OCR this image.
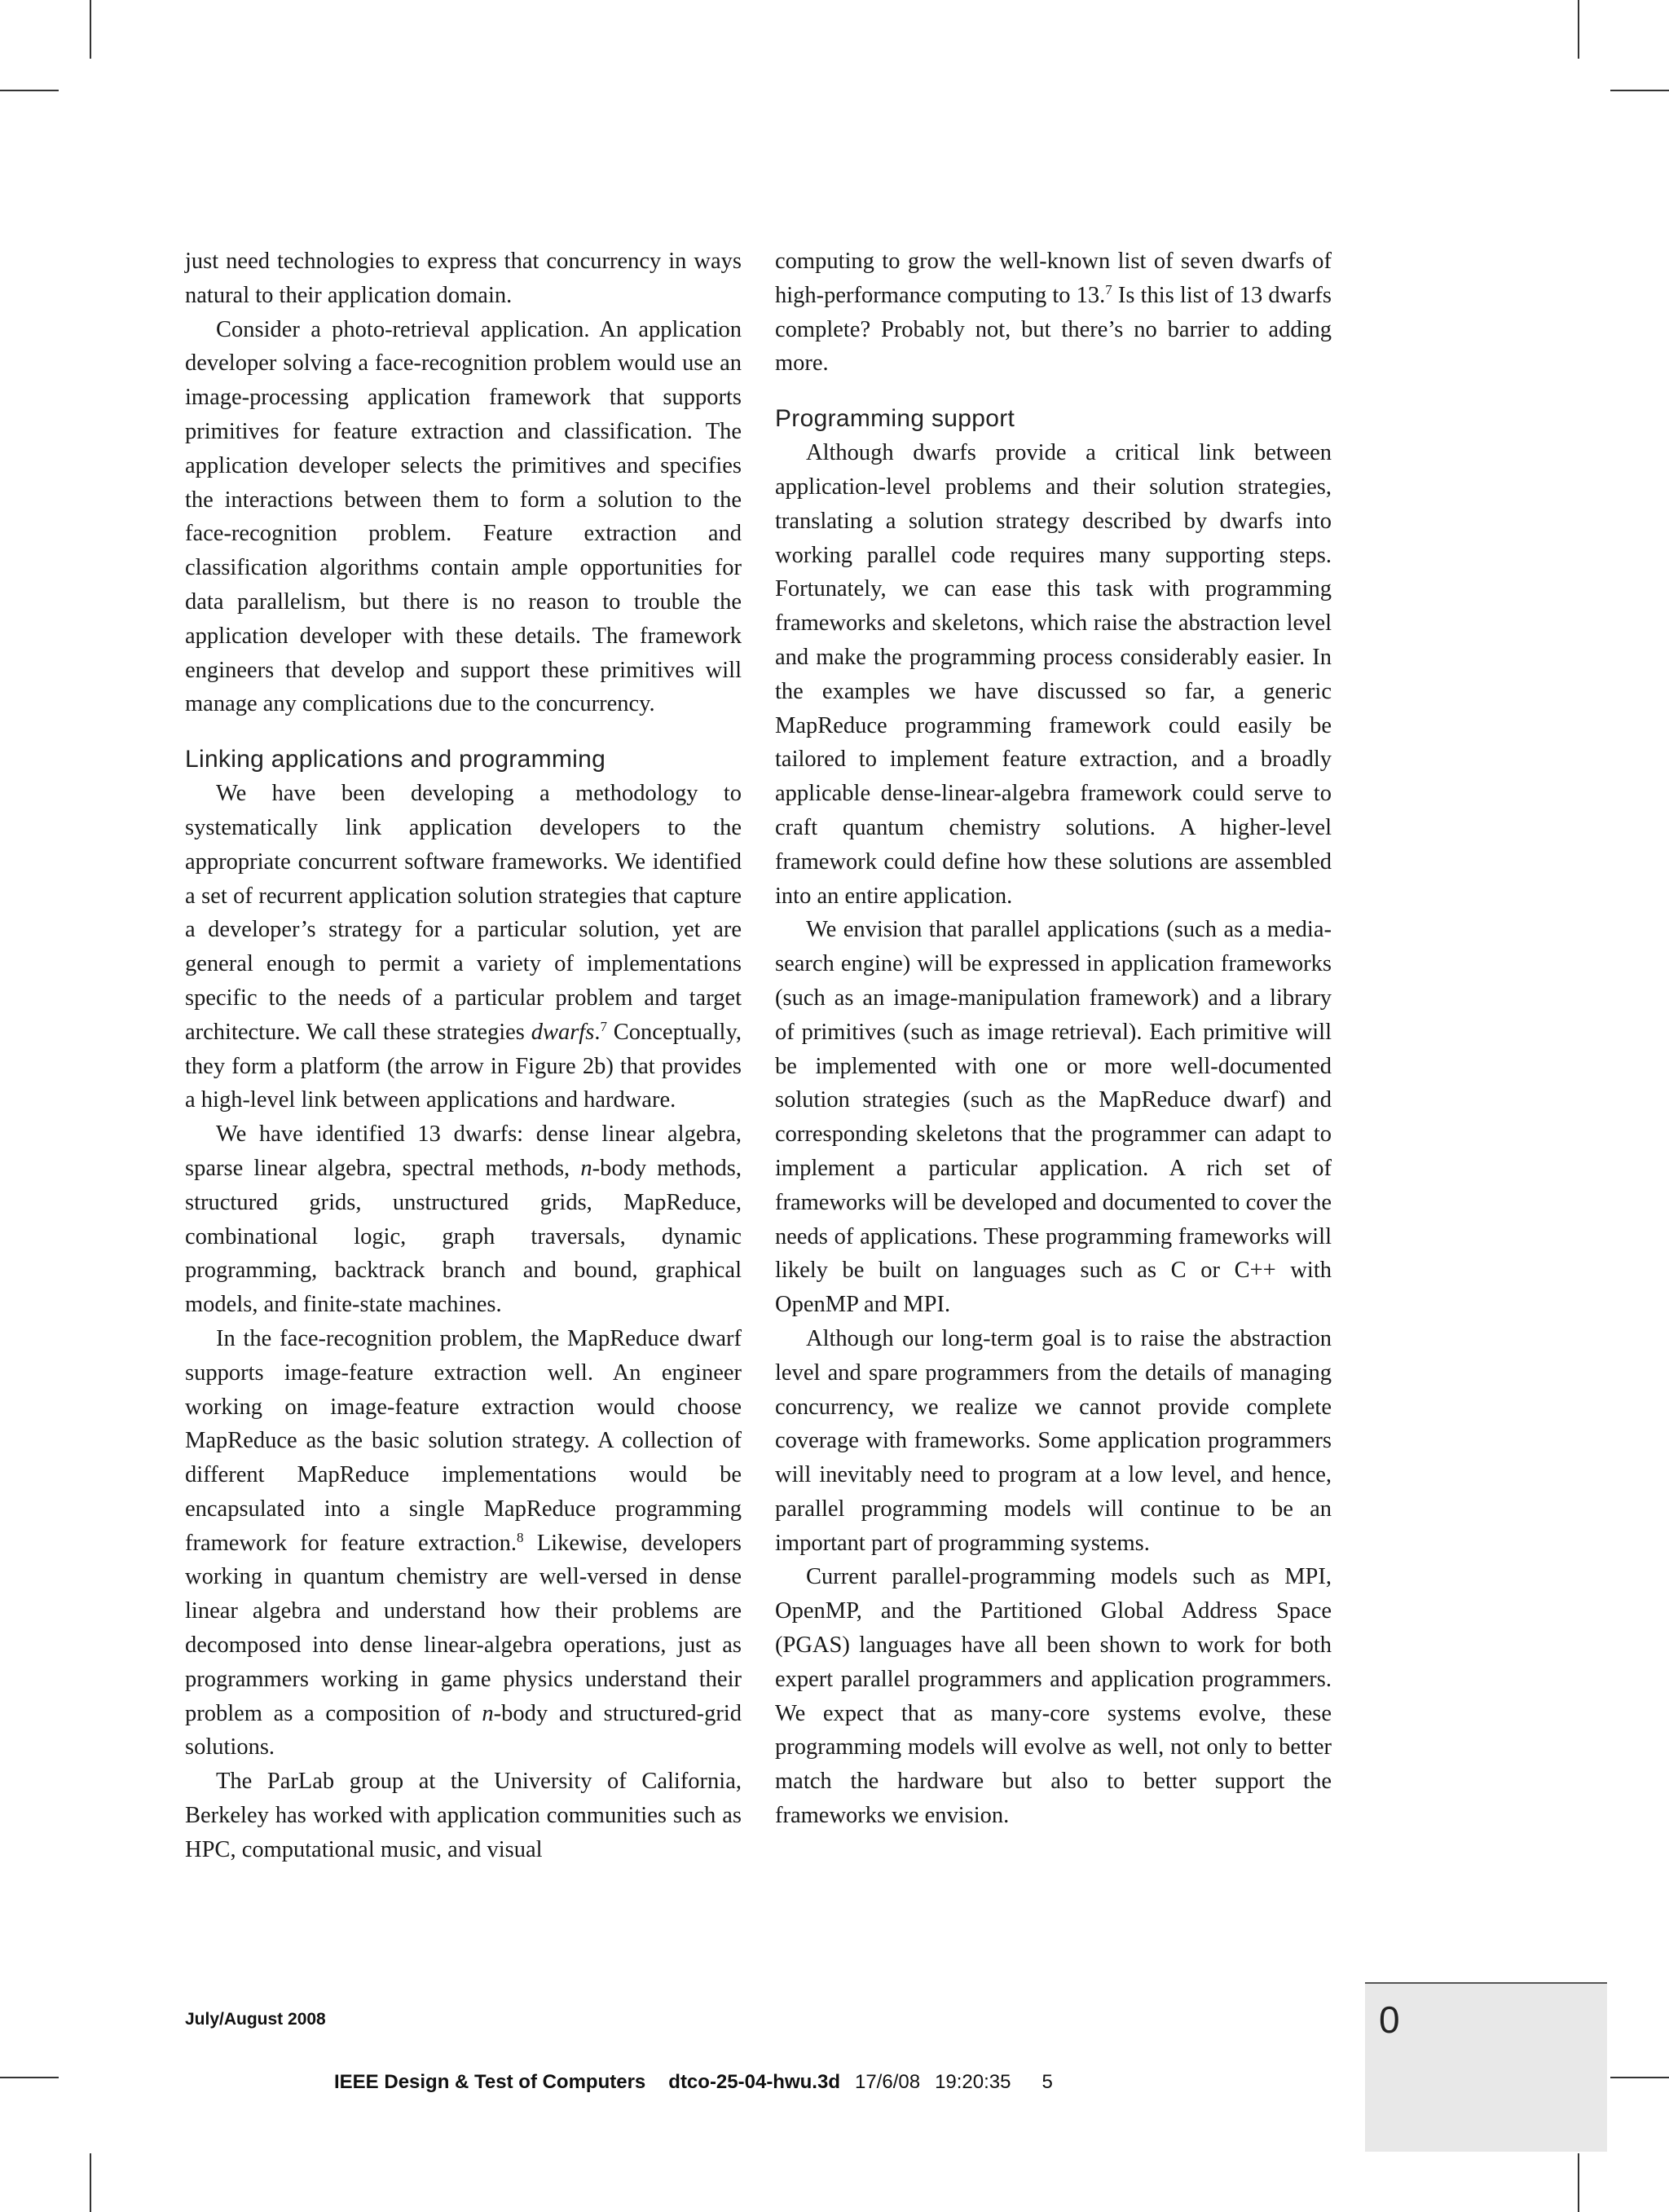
just need technologies to express that concurrency in ways natural to their application domain.

Consider a photo-retrieval application. An application developer solving a face-recognition problem would use an image-processing application framework that supports primitives for feature extraction and classification. The application developer selects the primitives and specifies the interactions between them to form a solution to the face-recognition problem. Feature extraction and classification algorithms contain ample opportunities for data parallelism, but there is no reason to trouble the application developer with these details. The framework engineers that develop and support these primitives will manage any complications due to the concurrency.

Linking applications and programming

We have been developing a methodology to systematically link application developers to the appropriate concurrent software frameworks. We identified a set of recurrent application solution strategies that capture a developer’s strategy for a particular solution, yet are general enough to permit a variety of implementations specific to the needs of a particular problem and target architecture. We call these strategies dwarfs.$^7$ Conceptually, they form a platform (the arrow in Figure 2b) that provides a high-level link between applications and hardware.

We have identified 13 dwarfs: dense linear algebra, sparse linear algebra, spectral methods, n-body methods, structured grids, unstructured grids, MapReduce, combinational logic, graph traversals, dynamic programming, backtrack branch and bound, graphical models, and finite-state machines.

In the face-recognition problem, the MapReduce dwarf supports image-feature extraction well. An engineer working on image-feature extraction would choose MapReduce as the basic solution strategy. A collection of different MapReduce implementations would be encapsulated into a single MapReduce programming framework for feature extraction.$^8$ Likewise, developers working in quantum chemistry are well-versed in dense linear algebra and understand how their problems are decomposed into dense linear-algebra operations, just as programmers working in game physics understand their problem as a composition of n-body and structured-grid solutions.

The ParLab group at the University of California, Berkeley has worked with application communities such as HPC, computational music, and visual

computing to grow the well-known list of seven dwarfs of high-performance computing to 13.$^7$ Is this list of 13 dwarfs complete? Probably not, but there’s no barrier to adding more.

Programming support

Although dwarfs provide a critical link between application-level problems and their solution strategies, translating a solution strategy described by dwarfs into working parallel code requires many supporting steps. Fortunately, we can ease this task with programming frameworks and skeletons, which raise the abstraction level and make the programming process considerably easier. In the examples we have discussed so far, a generic MapReduce programming framework could easily be tailored to implement feature extraction, and a broadly applicable dense-linear-algebra framework could serve to craft quantum chemistry solutions. A higher-level framework could define how these solutions are assembled into an entire application.

We envision that parallel applications (such as a media-search engine) will be expressed in application frameworks (such as an image-manipulation framework) and a library of primitives (such as image retrieval). Each primitive will be implemented with one or more well-documented solution strategies (such as the MapReduce dwarf) and corresponding skeletons that the programmer can adapt to implement a particular application. A rich set of frameworks will be developed and documented to cover the needs of applications. These programming frameworks will likely be built on languages such as C or C++ with OpenMP and MPI.

Although our long-term goal is to raise the abstraction level and spare programmers from the details of managing concurrency, we realize we cannot provide complete coverage with frameworks. Some application programmers will inevitably need to program at a low level, and hence, parallel programming models will continue to be an important part of programming systems.

Current parallel-programming models such as MPI, OpenMP, and the Partitioned Global Address Space (PGAS) languages have all been shown to work for both expert parallel programmers and application programmers. We expect that as many-core systems evolve, these programming models will evolve as well, not only to better match the hardware but also to better support the frameworks we envision.

July/August 2008	0
IEEE Design & Test of Computers dtco-25-04-hwu.3d 17/6/08 19:20:35 5
